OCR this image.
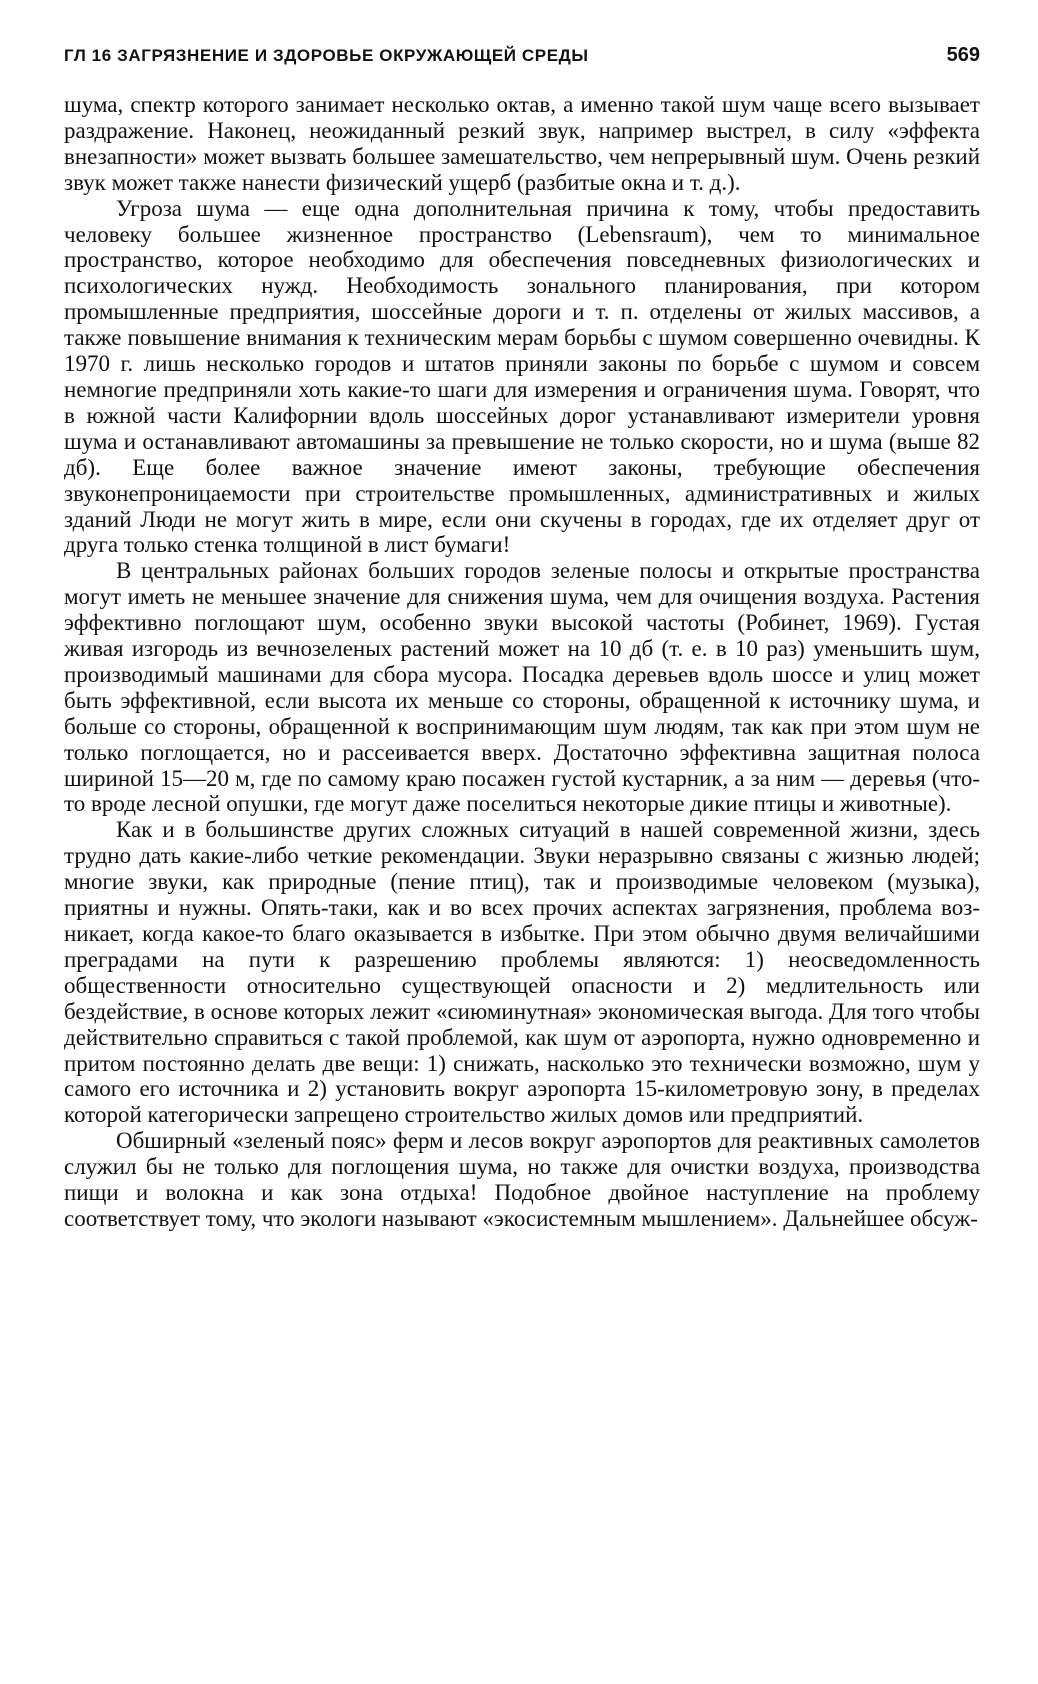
ГЛ 16 ЗАГРЯЗНЕНИЕ И ЗДОРОВЬЕ ОКРУЖАЮЩЕЙ СРЕДЫ	569

шума, спектр которого занимает несколько октав, а именно такой шум чаще всего вызывает раздражение. Наконец, неожиданный резкий звук, например выстрел, в силу «эффекта внезапности» может вызвать большее замешательство, чем непрерывный шум. Очень резкий звук может также нанести физический ущерб (разбитые окна и т. д.).

Угроза шума — еще одна дополнительная причина к тому, чтобы предоставить человеку большее жизненное пространство (Lebensraum), чем то минимальное пространство, которое необходимо для обеспечения повседневных физиологических и психологических нужд. Необходимость зонального планирования, при котором промышленные предприятия, шоссейные дороги и т. п. отделены от жилых массивов, а также повышение внимания к техническим мерам борьбы с шумом совершенно очевидны. К 1970 г. лишь несколько городов и штатов приняли законы по борьбе с шумом и совсем немногие предприняли хоть какие-то шаги для измерения и ограничения шума. Говорят, что в южной части Калифорнии вдоль шоссейных дорог устанавливают измерители уровня шума и останавливают автомашины за превышение не только скорости, но и шума (выше 82 дб). Еще более важное значение имеют законы, требующие обеспечения звуконепроницаемости при строительстве промышленных, административных и жилых зданий Люди не могут жить в мире, если они скучены в городах, где их отделяет друг от друга только стенка толщиной в лист бумаги!

В центральных районах больших городов зеленые полосы и открытые пространства могут иметь не меньшее значение для снижения шума, чем для очищения воздуха. Растения эффективно поглощают шум, особенно звуки высокой частоты (Робинет, 1969). Густая живая изгородь из вечнозеленых растений может на 10 дб (т. е. в 10 раз) уменьшить шум, производимый машинами для сбора мусора. Посадка деревьев вдоль шоссе и улиц может быть эффективной, если высота их меньше со стороны, обращенной к источнику шума, и больше со стороны, обращенной к воспринимающим шум людям, так как при этом шум не только поглощается, но и рассеивается вверх. Достаточно эффективна защитная полоса шириной 15—20 м, где по самому краю посажен густой кустарник, а за ним — деревья (что-то вроде лесной опушки, где могут даже поселиться некоторые дикие птицы и животные).

Как и в большинстве других сложных ситуаций в нашей современной жизни, здесь трудно дать какие-либо четкие рекомендации. Звуки неразрывно связаны с жизнью людей; многие звуки, как природные (пение птиц), так и производимые человеком (музыка), приятны и нужны. Опять-таки, как и во всех прочих аспектах загрязнения, проблема возникает, когда какое-то благо оказывается в избытке. При этом обычно двумя величайшими преградами на пути к разрешению проблемы являются: 1) неосведомленность общественности относительно существующей опасности и 2) медлительность или бездействие, в основе которых лежит «сиюминутная» экономическая выгода. Для того чтобы действительно справиться с такой проблемой, как шум от аэропорта, нужно одновременно и притом постоянно делать две вещи: 1) снижать, насколько это технически возможно, шум у самого его источника и 2) установить вокруг аэропорта 15-километровую зону, в пределах которой категорически запрещено строительство жилых домов или предприятий.

Обширный «зеленый пояс» ферм и лесов вокруг аэропортов для реактивных самолетов служил бы не только для поглощения шума, но также для очистки воздуха, производства пищи и волокна и как зона отдыха! Подобное двойное наступление на проблему соответствует тому, что экологи называют «экосистемным мышлением». Дальнейшее обсуж-
